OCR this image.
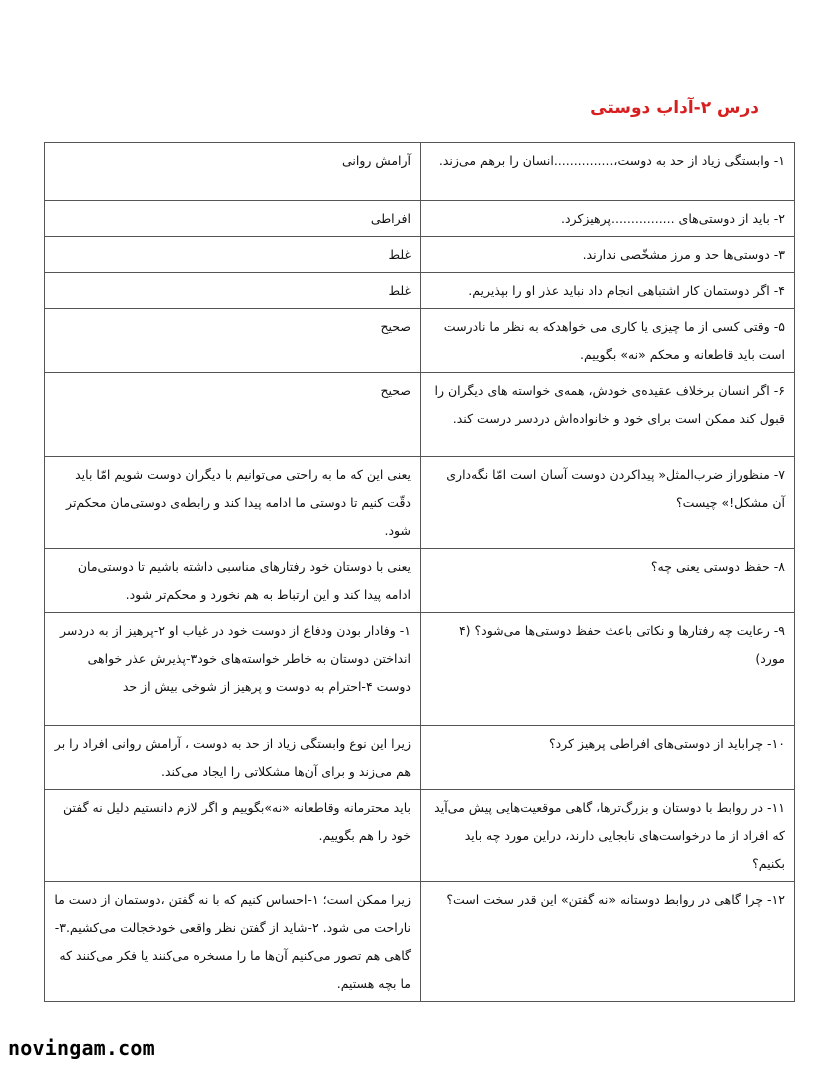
درس ۲-آداب دوستی
۱- وابستگی زیاد از حد به دوست،...............انسان را برهم می‌زند.	آرامش روانی
۲- باید از دوستی‌های ................پرهیزکرد.	افراطی
۳- دوستی‌ها حد و مرز مشخّصی ندارند.	غلط
۴- اگر دوستمان کار اشتباهی انجام داد نباید عذر او را بپذیریم.	غلط
۵- وقتی کسی از ما چیزی یا کاری می خواهدکه به نظر ما نادرست است باید قاطعانه و محکم «نه» بگوییم.	صحیح
۶- اگر انسان برخلاف عقیده‌ی خودش، همه‌ی خواسته های دیگران را قبول کند ممکن است برای خود و خانواده‌اش دردسر درست کند.	صحیح
۷- منظوراز ضرب‌المثل« پیداکردن دوست آسان است امّا نگه‌داری آن مشکل!» چیست؟	یعنی این که ما به راحتی می‌توانیم با دیگران دوست شویم امّا باید دقّت کنیم تا دوستی ما ادامه پیدا کند و رابطه‌ی دوستی‌مان محکم‌تر شود.
۸- حفظ دوستی یعنی چه؟	یعنی با دوستان خود رفتارهای مناسبی داشته باشیم تا دوستی‌مان ادامه پیدا کند و این ارتباط به هم نخورد و محکم‌تر شود.
۹- رعایت چه رفتارها و نکاتی باعث حفظ دوستی‌ها می‌شود؟ (۴ مورد)	۱- وفادار بودن ودفاع از دوست خود در غیاب او ۲-پرهیز از به دردسر انداختن دوستان به خاطر خواسته‌های خود۳-پذیرش عذر خواهی دوست ۴-احترام به دوست و پرهیز از شوخی بیش از حد
۱۰- چراباید از دوستی‌های افراطی پرهیز کرد؟	زیرا این نوع وابستگی زیاد از حد به دوست ، آرامش روانی افراد را بر هم می‌زند و برای آن‌ها مشکلاتی را ایجاد می‌کند.
۱۱- در روابط با دوستان و بزرگ‌ترها، گاهی موقعیت‌هایی پیش می‌آید که افراد از ما درخواست‌های نابجایی دارند، دراین مورد چه باید بکنیم؟	باید محترمانه وقاطعانه «نه»بگوییم و اگر لازم دانستیم دلیل نه گفتن خود را هم بگوییم.
۱۲- چرا گاهی در روابط دوستانه «نه گفتن» این قدر سخت است؟	زیرا ممکن است؛ ۱-احساس کنیم که با نه گفتن ،دوستمان از دست ما ناراحت می شود. ۲-شاید از گفتن نظر واقعی خودخجالت می‌کشیم.۳-گاهی هم تصور می‌کنیم آن‌ها ما را مسخره می‌کنند یا فکر می‌کنند که ما بچه هستیم.
novingam.com
